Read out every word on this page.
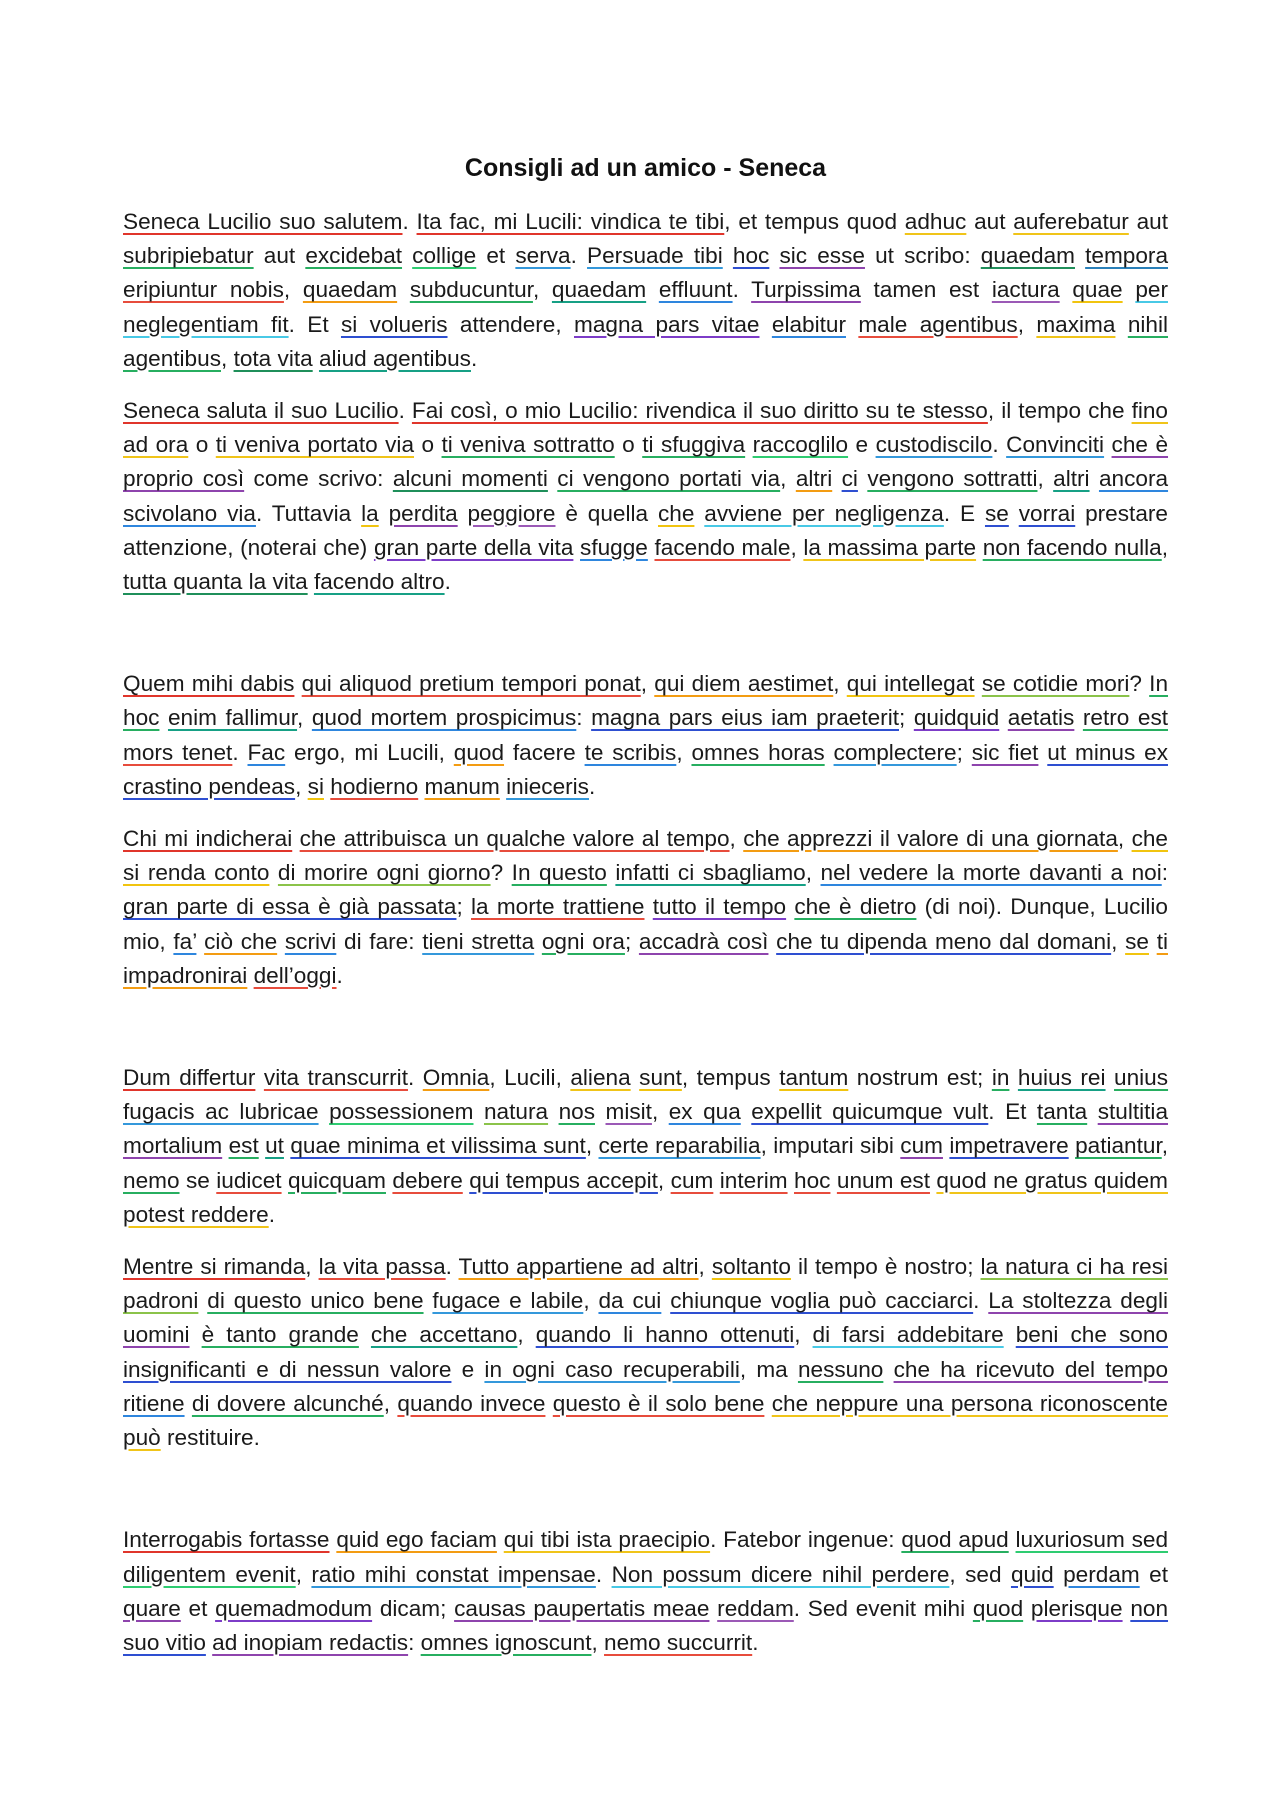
Consigli ad un amico - Seneca

Seneca Lucilio suo salutem. Ita fac, mi Lucili: vindica te tibi, et tempus quod adhuc aut auferebatur aut subripiebatur aut excidebat collige et serva. Persuade tibi hoc sic esse ut scribo: quaedam tempora eripiuntur nobis, quaedam subducuntur, quaedam effluunt. Turpissima tamen est iactura quae per neglegentiam fit. Et si volueris attendere, magna pars vitae elabitur male agentibus, maxima nihil agentibus, tota vita aliud agentibus.

Seneca saluta il suo Lucilio. Fai così, o mio Lucilio: rivendica il suo diritto su te stesso, il tempo che fino ad ora o ti veniva portato via o ti veniva sottratto o ti sfuggiva raccoglilo e custodiscilo. Convinciti che è proprio così come scrivo: alcuni momenti ci vengono portati via, altri ci vengono sottratti, altri ancora scivolano via. Tuttavia la perdita peggiore è quella che avviene per negligenza. E se vorrai prestare attenzione, (noterai che) gran parte della vita sfugge facendo male, la massima parte non facendo nulla, tutta quanta la vita facendo altro.

Quem mihi dabis qui aliquod pretium tempori ponat, qui diem aestimet, qui intellegat se cotidie mori? In hoc enim fallimur, quod mortem prospicimus: magna pars eius iam praeterit; quidquid aetatis retro est mors tenet. Fac ergo, mi Lucili, quod facere te scribis, omnes horas complectere; sic fiet ut minus ex crastino pendeas, si hodierno manum inieceris.

Chi mi indicherai che attribuisca un qualche valore al tempo, che apprezzi il valore di una giornata, che si renda conto di morire ogni giorno? In questo infatti ci sbagliamo, nel vedere la morte davanti a noi: gran parte di essa è già passata; la morte trattiene tutto il tempo che è dietro (di noi). Dunque, Lucilio mio, fa’ ciò che scrivi di fare: tieni stretta ogni ora; accadrà così che tu dipenda meno dal domani, se ti impadronirai dell’oggi.

Dum differtur vita transcurrit. Omnia, Lucili, aliena sunt, tempus tantum nostrum est; in huius rei unius fugacis ac lubricae possessionem natura nos misit, ex qua expellit quicumque vult. Et tanta stultitia mortalium est ut quae minima et vilissima sunt, certe reparabilia, imputari sibi cum impetravere patiantur, nemo se iudicet quicquam debere qui tempus accepit, cum interim hoc unum est quod ne gratus quidem potest reddere.

Mentre si rimanda, la vita passa. Tutto appartiene ad altri, soltanto il tempo è nostro; la natura ci ha resi padroni di questo unico bene fugace e labile, da cui chiunque voglia può cacciarci. La stoltezza degli uomini è tanto grande che accettano, quando li hanno ottenuti, di farsi addebitare beni che sono insignificanti e di nessun valore e in ogni caso recuperabili, ma nessuno che ha ricevuto del tempo ritiene di dovere alcunché, quando invece questo è il solo bene che neppure una persona riconoscente può restituire.

Interrogabis fortasse quid ego faciam qui tibi ista praecipio. Fatebor ingenue: quod apud luxuriosum sed diligentem evenit, ratio mihi constat impensae. Non possum dicere nihil perdere, sed quid perdam et quare et quemadmodum dicam; causas paupertatis meae reddam. Sed evenit mihi quod plerisque non suo vitio ad inopiam redactis: omnes ignoscunt, nemo succurrit.
